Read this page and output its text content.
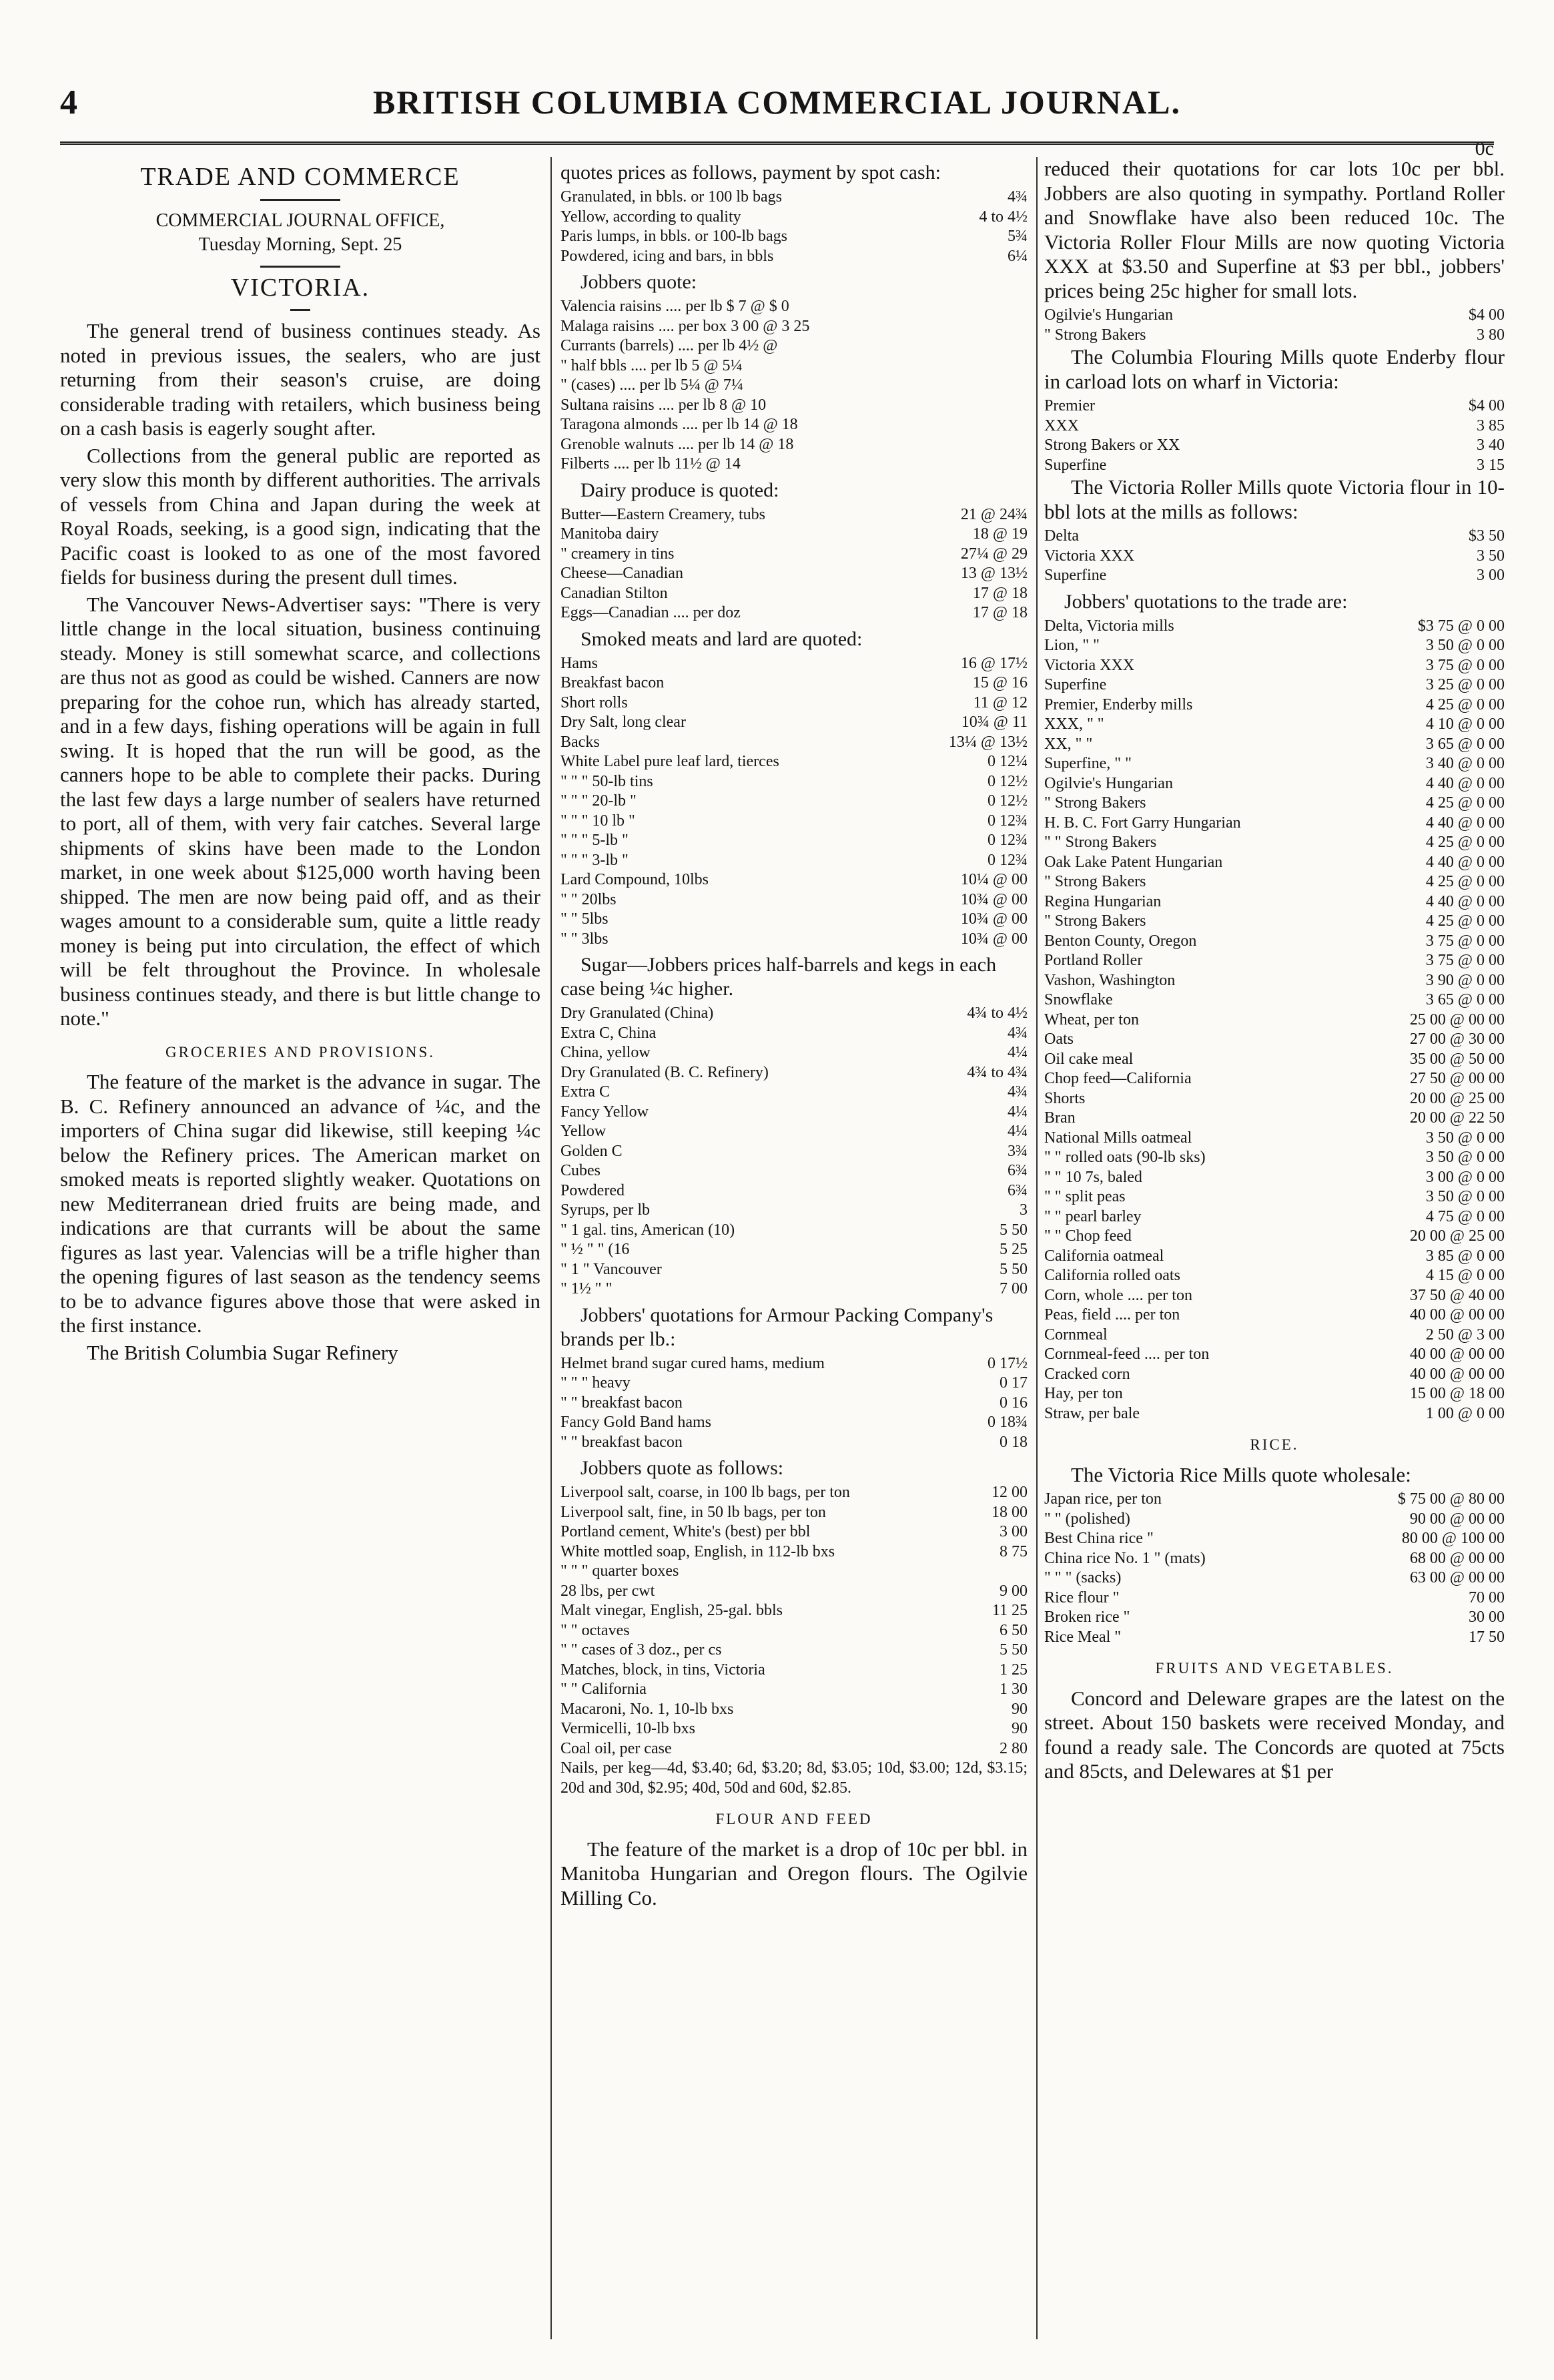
4	BRITISH COLUMBIA COMMERCIAL JOURNAL.
0c
TRADE AND COMMERCE
COMMERCIAL JOURNAL OFFICE,
Tuesday Morning, Sept. 25
VICTORIA.

The general trend of business continues steady. As noted in previous issues, the sealers, who are just returning from their season's cruise, are doing considerable trading with retailers, which business being on a cash basis is eagerly sought after.

Collections from the general public are reported as very slow this month by different authorities. The arrivals of vessels from China and Japan during the week at Royal Roads, seeking, is a good sign, indicating that the Pacific coast is looked to as one of the most favored fields for business during the present dull times.

The Vancouver News-Advertiser says: "There is very little change in the local situation, business continuing steady. Money is still somewhat scarce, and collections are thus not as good as could be wished. Canners are now preparing for the cohoe run, which has already started, and in a few days, fishing operations will be again in full swing. It is hoped that the run will be good, as the canners hope to be able to complete their packs. During the last few days a large number of sealers have returned to port, all of them, with very fair catches. Several large shipments of skins have been made to the London market, in one week about $125,000 worth having been shipped. The men are now being paid off, and as their wages amount to a considerable sum, quite a little ready money is being put into circulation, the effect of which will be felt throughout the Province. In wholesale business continues steady, and there is but little change to note."

GROCERIES AND PROVISIONS.

The feature of the market is the advance in sugar. The B. C. Refinery announced an advance of ¼c, and the importers of China sugar did likewise, still keeping ¼c below the Refinery prices. The American market on smoked meats is reported slightly weaker. Quotations on new Mediterranean dried fruits are being made, and indications are that currants will be about the same figures as last year. Valencias will be a trifle higher than the opening figures of last season as the tendency seems to be to advance figures above those that were asked in the first instance.

The British Columbia Sugar Refinery

quotes prices as follows, payment by spot cash:
Granulated, in bbls. or 100 lb bags	4¾
Yellow, according to quality	4 to 4½
Paris lumps, in bbls. or 100-lb bags	5¾
Powdered, icing and bars, in bbls	6¼
Jobbers quote:
Valencia raisins .... per lb $ 7 @ $ 0
Malaga raisins .... per box 3 00 @ 3 25
Currants (barrels) .... per lb 4½ @
" half bbls .... per lb 5 @ 5¼
" (cases) .... per lb 5¼ @ 7¼
Sultana raisins .... per lb 8 @ 10
Taragona almonds .... per lb 14 @ 18
Grenoble walnuts .... per lb 14 @ 18
Filberts .... per lb 11½ @ 14
Dairy produce is quoted:
Butter—Eastern Creamery, tubs	21 @ 24¾
Manitoba dairy	18 @ 19
" creamery in tins	27¼ @ 29
Cheese—Canadian	13 @ 13½
Canadian Stilton	17 @ 18
Eggs—Canadian .... per doz	17 @ 18
Smoked meats and lard are quoted:
Hams	16 @ 17½
Breakfast bacon	15 @ 16
Short rolls	11 @ 12
Dry Salt, long clear	10¾ @ 11
Backs	13¼ @ 13½
White Label pure leaf lard, tierces	0 12¼
" " " 50-lb tins	0 12½
" " " 20-lb "	0 12½
" " " 10 lb "	0 12¾
" " " 5-lb "	0 12¾
" " " 3-lb "	0 12¾
Lard Compound, 10lbs	10¼ @ 00
" " 20lbs	10¾ @ 00
" " 5lbs	10¾ @ 00
" " 3lbs	10¾ @ 00
Sugar—Jobbers prices half-barrels and kegs in each case being ¼c higher.
Dry Granulated (China)	4¾ to 4½
Extra C, China	4¾
China, yellow	4¼
Dry Granulated (B. C. Refinery)	4¾ to 4¾
Extra C	4¾
Fancy Yellow	4¼
Yellow	4¼
Golden C	3¾
Cubes	6¾
Powdered	6¾
Syrups, per lb	3
" 1 gal. tins, American (10)	5 50
" ½ " " (16	5 25
" 1 " Vancouver	5 50
" 1½ " "	7 00
Jobbers' quotations for Armour Packing Company's brands per lb.:
Helmet brand sugar cured hams, medium	0 17½
" " " heavy	0 17
" " breakfast bacon	0 16
Fancy Gold Band hams	0 18¾
" " breakfast bacon	0 18
Jobbers quote as follows:
Liverpool salt, coarse, in 100 lb bags, per ton	12 00
Liverpool salt, fine, in 50 lb bags, per ton	18 00
Portland cement, White's (best) per bbl	3 00
White mottled soap, English, in 112-lb bxs	8 75
" " " quarter boxes
28 lbs, per cwt	9 00
Malt vinegar, English, 25-gal. bbls	11 25
" " octaves	6 50
" " cases of 3 doz., per cs	5 50
Matches, block, in tins, Victoria	1 25
" " California	1 30
Macaroni, No. 1, 10-lb bxs	90
Vermicelli, 10-lb bxs	90
Coal oil, per case	2 80
Nails, per keg—4d, $3.40; 6d, $3.20; 8d, $3.05; 10d, $3.00; 12d, $3.15; 20d and 30d, $2.95; 40d, 50d and 60d, $2.85.
FLOUR AND FEED

The feature of the market is a drop of 10c per bbl. in Manitoba Hungarian and Oregon flours. The Ogilvie Milling Co.

reduced their quotations for car lots 10c per bbl. Jobbers are also quoting in sympathy. Portland Roller and Snowflake have also been reduced 10c. The Victoria Roller Flour Mills are now quoting Victoria XXX at $3.50 and Superfine at $3 per bbl., jobbers' prices being 25c higher for small lots.

Ogilvie's Hungarian	$4 00
" Strong Bakers	3 80

The Columbia Flouring Mills quote Enderby flour in carload lots on wharf in Victoria:

Premier	$4 00
XXX	3 85
Strong Bakers or XX	3 40
Superfine	3 15

The Victoria Roller Mills quote Victoria flour in 10-bbl lots at the mills as follows:

Delta	$3 50
Victoria XXX	3 50
Superfine	3 00
Jobbers' quotations to the trade are:
Delta, Victoria mills	$3 75 @ 0 00
Lion, " "	3 50 @ 0 00
Victoria XXX	3 75 @ 0 00
Superfine	3 25 @ 0 00
Premier, Enderby mills	4 25 @ 0 00
XXX, " "	4 10 @ 0 00
XX, " "	3 65 @ 0 00
Superfine, " "	3 40 @ 0 00
Ogilvie's Hungarian	4 40 @ 0 00
" Strong Bakers	4 25 @ 0 00
H. B. C. Fort Garry Hungarian	4 40 @ 0 00
" " Strong Bakers	4 25 @ 0 00
Oak Lake Patent Hungarian	4 40 @ 0 00
" Strong Bakers	4 25 @ 0 00
Regina Hungarian	4 40 @ 0 00
" Strong Bakers	4 25 @ 0 00
Benton County, Oregon	3 75 @ 0 00
Portland Roller	3 75 @ 0 00
Vashon, Washington	3 90 @ 0 00
Snowflake	3 65 @ 0 00
Wheat, per ton	25 00 @ 00 00
Oats	27 00 @ 30 00
Oil cake meal	35 00 @ 50 00
Chop feed—California	27 50 @ 00 00
Shorts	20 00 @ 25 00
Bran	20 00 @ 22 50
National Mills oatmeal	3 50 @ 0 00
" " rolled oats (90-lb sks)	3 50 @ 0 00
" " 10 7s, baled	3 00 @ 0 00
" " split peas	3 50 @ 0 00
" " pearl barley	4 75 @ 0 00
" " Chop feed	20 00 @ 25 00
California oatmeal	3 85 @ 0 00
California rolled oats	4 15 @ 0 00
Corn, whole .... per ton	37 50 @ 40 00
Peas, field .... per ton	40 00 @ 00 00
Cornmeal	2 50 @ 3 00
Cornmeal-feed .... per ton	40 00 @ 00 00
Cracked corn	40 00 @ 00 00
Hay, per ton	15 00 @ 18 00
Straw, per bale	1 00 @ 0 00
RICE.

The Victoria Rice Mills quote wholesale:

Japan rice, per ton	$ 75 00 @ 80 00
" " (polished)	90 00 @ 00 00
Best China rice "	80 00 @ 100 00
China rice No. 1 " (mats)	68 00 @ 00 00
" " " (sacks)	63 00 @ 00 00
Rice flour "	70 00
Broken rice "	30 00
Rice Meal "	17 50
FRUITS AND VEGETABLES.

Concord and Deleware grapes are the latest on the street. About 150 baskets were received Monday, and found a ready sale. The Concords are quoted at 75cts and 85cts, and Delewares at $1 per
